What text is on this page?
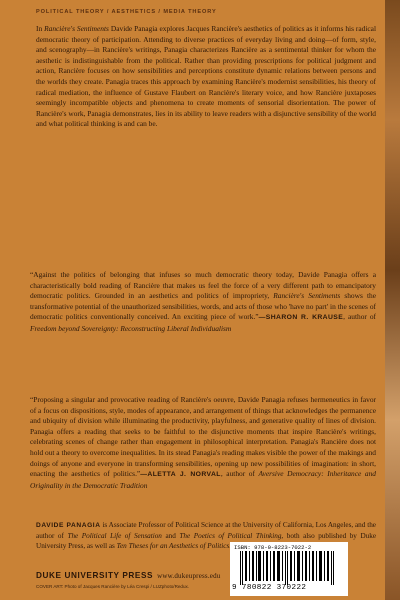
POLITICAL THEORY / AESTHETICS / MEDIA THEORY

In Rancière's Sentiments Davide Panagia explores Jacques Rancière's aesthetics of politics as it informs his radical democratic theory of participation. Attending to diverse practices of everyday living and doing—of form, style, and scenography—in Rancière's writings, Panagia characterizes Rancière as a sentimental thinker for whom the aesthetic is indistinguishable from the political. Rather than providing prescriptions for political judgment and action, Rancière focuses on how sensibilities and perceptions constitute dynamic relations between persons and the worlds they create. Panagia traces this approach by examining Rancière's modernist sensibilities, his theory of radical mediation, the influence of Gustave Flaubert on Rancière's literary voice, and how Rancière juxtaposes seemingly incompatible objects and phenomena to create moments of sensorial disorientation. The power of Rancière's work, Panagia demonstrates, lies in its ability to leave readers with a disjunctive sensibility of the world and what political thinking is and can be.

“Against the politics of belonging that infuses so much democratic theory today, Davide Panagia offers a characteristically bold reading of Rancière that makes us feel the force of a very different path to emancipatory democratic politics. Grounded in an aesthetics and politics of impropriety, Rancière's Sentiments shows the transformative potential of the unauthorized sensibilities, words, and acts of those who 'have no part' in the scenes of democratic politics conventionally conceived. An exciting piece of work.”—SHARON R. KRAUSE, author of Freedom beyond Sovereignty: Reconstructing Liberal Individualism

“Proposing a singular and provocative reading of Rancière's oeuvre, Davide Panagia refuses hermeneutics in favor of a focus on dispositions, style, modes of appearance, and arrangement of things that acknowledges the permanence and ubiquity of division while illuminating the productivity, playfulness, and generative quality of lines of division. Panagia offers a reading that seeks to be faithful to the disjunctive moments that inspire Rancière's writings, celebrating scenes of change rather than engagement in philosophical interpretation. Panagia's Rancière does not hold out a theory to overcome inequalities. In its stead Panagia's reading makes visible the power of the makings and doings of anyone and everyone in transforming sensibilities, opening up new possibilities of imagination: in short, enacting the aesthetics of politics.”—ALETTA J. NORVAL, author of Aversive Democracy: Inheritance and Originality in the Democratic Tradition

DAVIDE PANAGIA is Associate Professor of Political Science at the University of California, Los Angeles, and the author of The Political Life of Sensation and The Poetics of Political Thinking, both also published by Duke University Press, as well as Ten Theses for an Aesthetics of Politics

DUKE UNIVERSITY PRESS www.dukeupress.edu
COVER ART: Photo of Jacques Rancière by Léa Crespi / LUZphoto/Redux.
ISBN: 978-0-8223-7022-2
9 780822 370222
